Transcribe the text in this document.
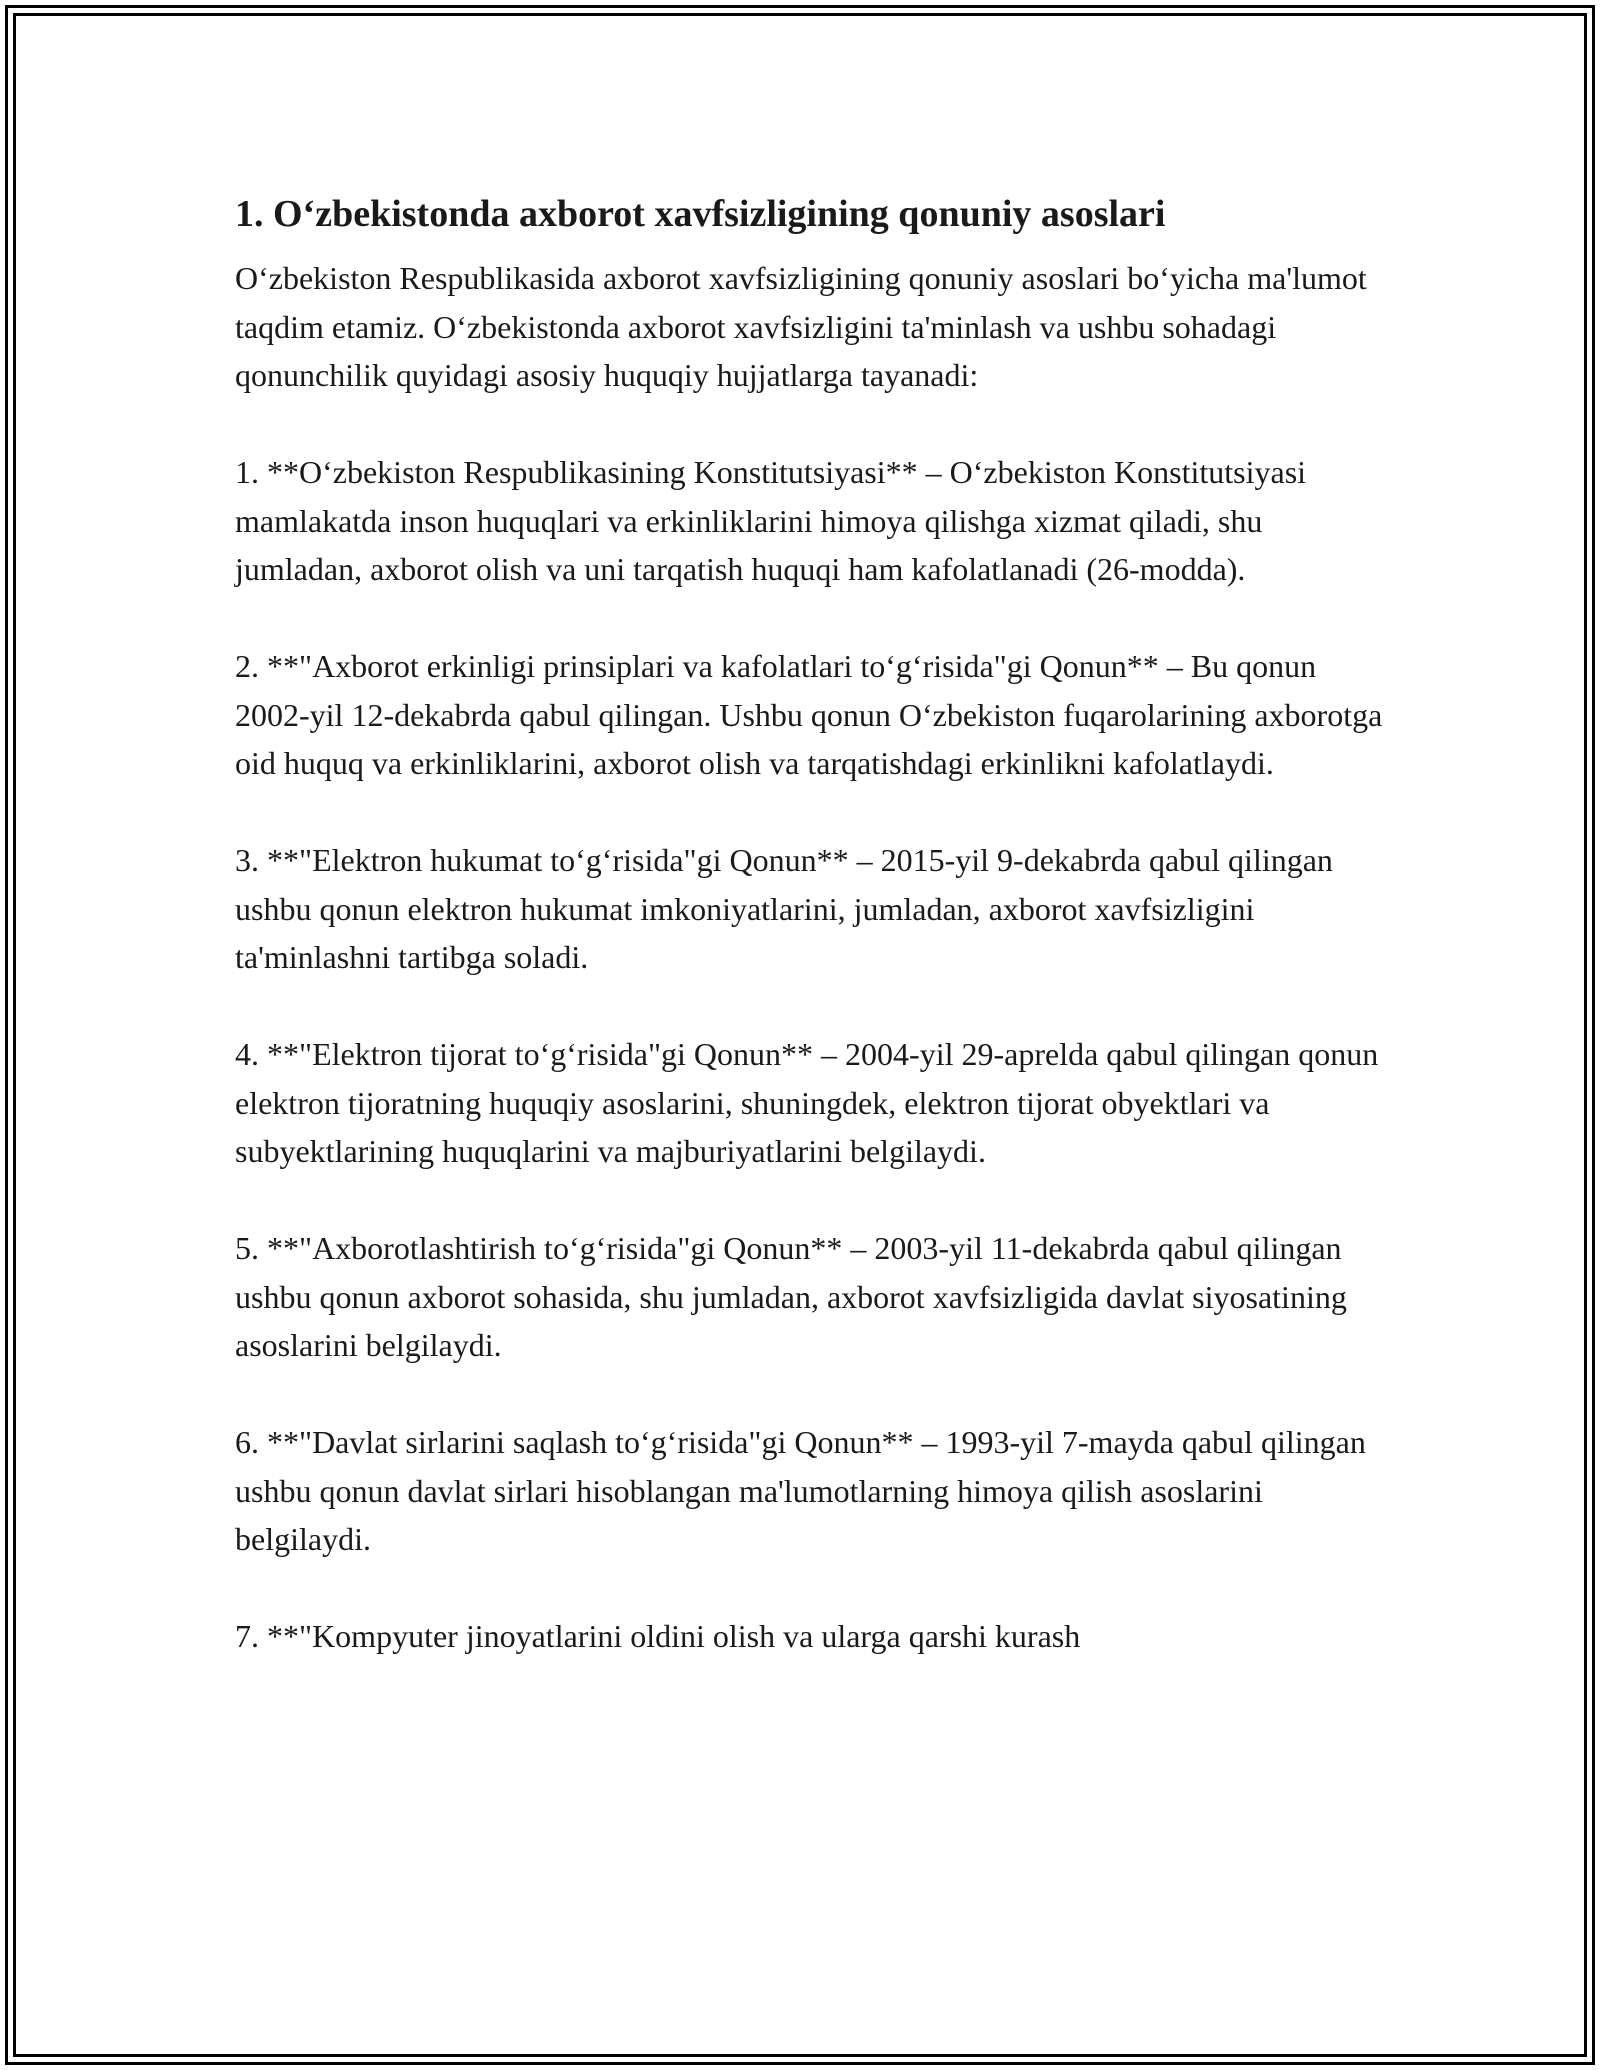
1. O‘zbekistonda axborot xavfsizligining qonuniy asoslari

O‘zbekiston Respublikasida axborot xavfsizligining qonuniy asoslari bo‘yicha ma'lumot taqdim etamiz. O‘zbekistonda axborot xavfsizligini ta'minlash va ushbu sohadagi qonunchilik quyidagi asosiy huquqiy hujjatlarga tayanadi:

1. **O‘zbekiston Respublikasining Konstitutsiyasi** – O‘zbekiston Konstitutsiyasi mamlakatda inson huquqlari va erkinliklarini himoya qilishga xizmat qiladi, shu jumladan, axborot olish va uni tarqatish huquqi ham kafolatlanadi (26-modda).

2. **"Axborot erkinligi prinsiplari va kafolatlari to‘g‘risida"gi Qonun** – Bu qonun 2002-yil 12-dekabrda qabul qilingan. Ushbu qonun O‘zbekiston fuqarolarining axborotga oid huquq va erkinliklarini, axborot olish va tarqatishdagi erkinlikni kafolatlaydi.

3. **"Elektron hukumat to‘g‘risida"gi Qonun** – 2015-yil 9-dekabrda qabul qilingan ushbu qonun elektron hukumat imkoniyatlarini, jumladan, axborot xavfsizligini ta'minlashni tartibga soladi.

4. **"Elektron tijorat to‘g‘risida"gi Qonun** – 2004-yil 29-aprelda qabul qilingan qonun elektron tijoratning huquqiy asoslarini, shuningdek, elektron tijorat obyektlari va subyektlarining huquqlarini va majburiyatlarini belgilaydi.

5. **"Axborotlashtirish to‘g‘risida"gi Qonun** – 2003-yil 11-dekabrda qabul qilingan ushbu qonun axborot sohasida, shu jumladan, axborot xavfsizligida davlat siyosatining asoslarini belgilaydi.

6. **"Davlat sirlarini saqlash to‘g‘risida"gi Qonun** – 1993-yil 7-mayda qabul qilingan ushbu qonun davlat sirlari hisoblangan ma'lumotlarning himoya qilish asoslarini belgilaydi.

7. **"Kompyuter jinoyatlarini oldini olish va ularga qarshi kurash
